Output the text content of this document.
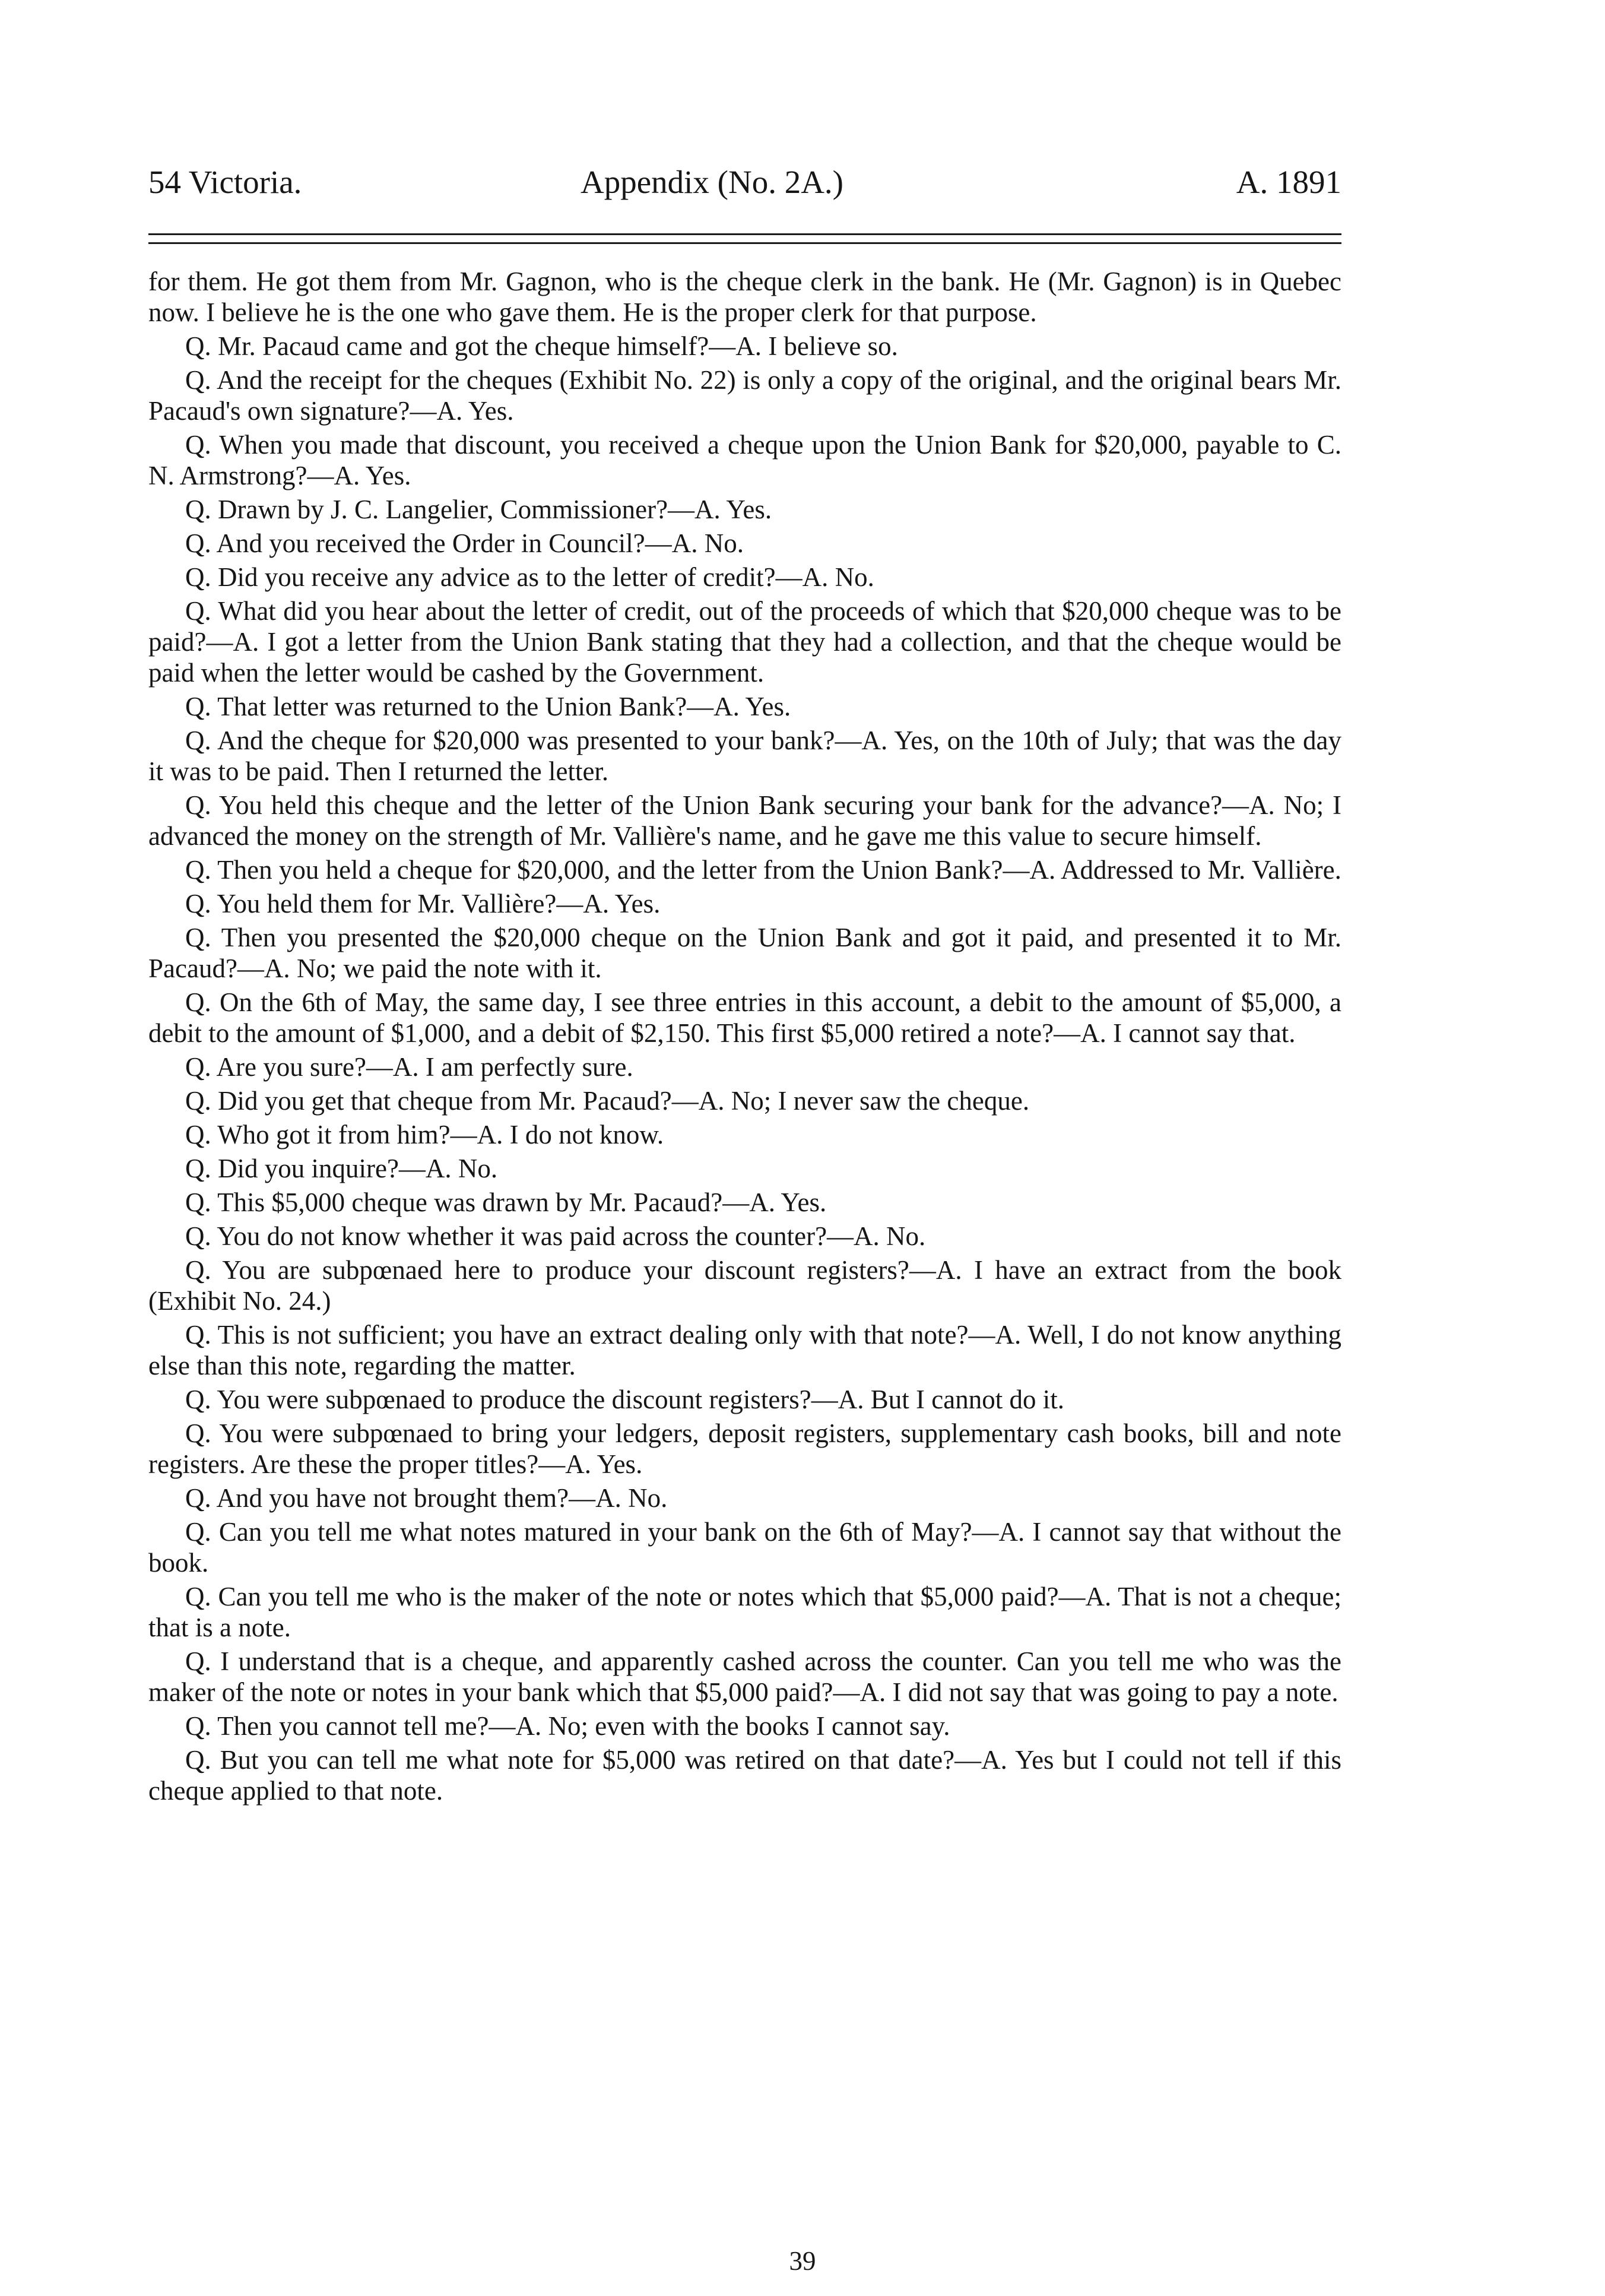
54 Victoria.	Appendix (No. 2A.)	A. 1891

for them. He got them from Mr. Gagnon, who is the cheque clerk in the bank. He (Mr. Gagnon) is in Quebec now. I believe he is the one who gave them. He is the proper clerk for that purpose.

Q. Mr. Pacaud came and got the cheque himself?—A. I believe so.

Q. And the receipt for the cheques (Exhibit No. 22) is only a copy of the original, and the original bears Mr. Pacaud's own signature?—A. Yes.

Q. When you made that discount, you received a cheque upon the Union Bank for $20,000, payable to C. N. Armstrong?—A. Yes.

Q. Drawn by J. C. Langelier, Commissioner?—A. Yes.

Q. And you received the Order in Council?—A. No.

Q. Did you receive any advice as to the letter of credit?—A. No.

Q. What did you hear about the letter of credit, out of the proceeds of which that $20,000 cheque was to be paid?—A. I got a letter from the Union Bank stating that they had a collection, and that the cheque would be paid when the letter would be cashed by the Government.

Q. That letter was returned to the Union Bank?—A. Yes.

Q. And the cheque for $20,000 was presented to your bank?—A. Yes, on the 10th of July; that was the day it was to be paid. Then I returned the letter.

Q. You held this cheque and the letter of the Union Bank securing your bank for the advance?—A. No; I advanced the money on the strength of Mr. Vallière's name, and he gave me this value to secure himself.

Q. Then you held a cheque for $20,000, and the letter from the Union Bank?—A. Addressed to Mr. Vallière.

Q. You held them for Mr. Vallière?—A. Yes.

Q. Then you presented the $20,000 cheque on the Union Bank and got it paid, and presented it to Mr. Pacaud?—A. No; we paid the note with it.

Q. On the 6th of May, the same day, I see three entries in this account, a debit to the amount of $5,000, a debit to the amount of $1,000, and a debit of $2,150. This first $5,000 retired a note?—A. I cannot say that.

Q. Are you sure?—A. I am perfectly sure.

Q. Did you get that cheque from Mr. Pacaud?—A. No; I never saw the cheque.

Q. Who got it from him?—A. I do not know.

Q. Did you inquire?—A. No.

Q. This $5,000 cheque was drawn by Mr. Pacaud?—A. Yes.

Q. You do not know whether it was paid across the counter?—A. No.

Q. You are subpœnaed here to produce your discount registers?—A. I have an extract from the book (Exhibit No. 24.)

Q. This is not sufficient; you have an extract dealing only with that note?—A. Well, I do not know anything else than this note, regarding the matter.

Q. You were subpœnaed to produce the discount registers?—A. But I cannot do it.

Q. You were subpœnaed to bring your ledgers, deposit registers, supplementary cash books, bill and note registers. Are these the proper titles?—A. Yes.

Q. And you have not brought them?—A. No.

Q. Can you tell me what notes matured in your bank on the 6th of May?—A. I cannot say that without the book.

Q. Can you tell me who is the maker of the note or notes which that $5,000 paid?—A. That is not a cheque; that is a note.

Q. I understand that is a cheque, and apparently cashed across the counter. Can you tell me who was the maker of the note or notes in your bank which that $5,000 paid?—A. I did not say that was going to pay a note.

Q. Then you cannot tell me?—A. No; even with the books I cannot say.

Q. But you can tell me what note for $5,000 was retired on that date?—A. Yes but I could not tell if this cheque applied to that note.

39
